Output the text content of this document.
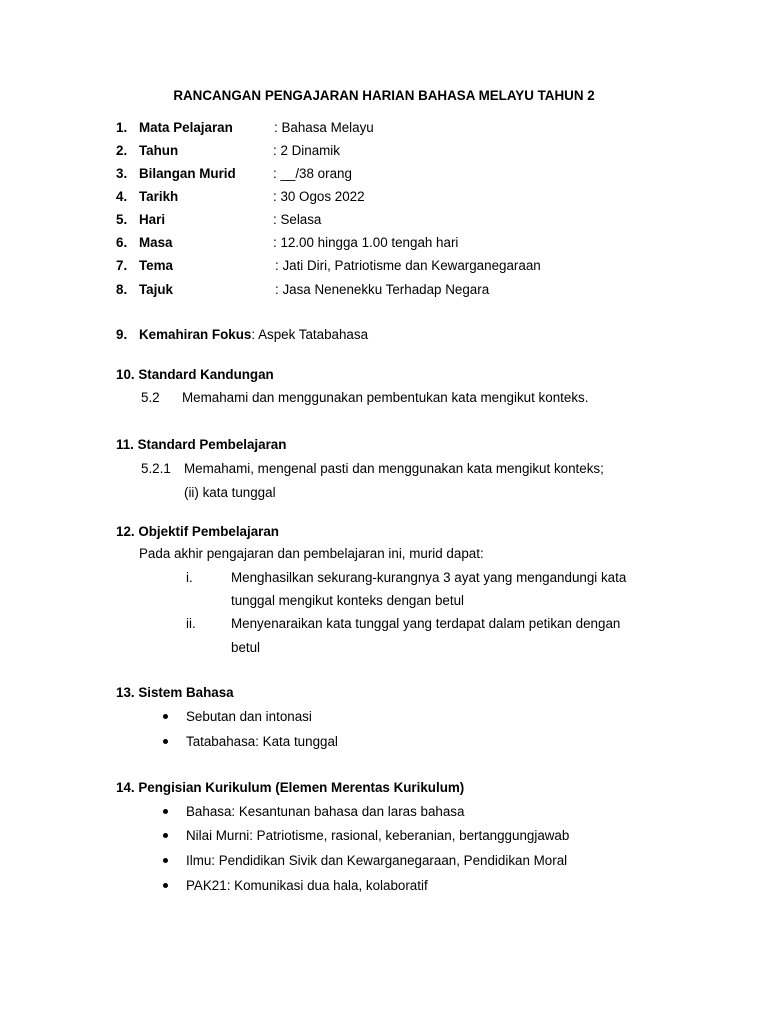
RANCANGAN PENGAJARAN HARIAN BAHASA MELAYU TAHUN 2
1. Mata Pelajaran	: Bahasa Melayu
2. Tahun	: 2 Dinamik
3. Bilangan Murid	: __/38 orang
4. Tarikh	: 30 Ogos 2022
5. Hari	: Selasa
6. Masa	: 12.00 hingga 1.00 tengah hari
7. Tema	: Jati Diri, Patriotisme dan Kewarganegaraan
8. Tajuk	: Jasa Nenenekku Terhadap Negara
9. Kemahiran Fokus: Aspek Tatabahasa
10. Standard Kandungan
5.2 Memahami dan menggunakan pembentukan kata mengikut konteks.
11. Standard Pembelajaran
5.2.1 Memahami, mengenal pasti dan menggunakan kata mengikut konteks;
(ii) kata tunggal
12. Objektif Pembelajaran
Pada akhir pengajaran dan pembelajaran ini, murid dapat:
i.	Menghasilkan sekurang-kurangnya 3 ayat yang mengandungi kata
tunggal mengikut konteks dengan betul
ii.	Menyenaraikan kata tunggal yang terdapat dalam petikan dengan
betul
13. Sistem Bahasa
Sebutan dan intonasi
Tatabahasa: Kata tunggal
14. Pengisian Kurikulum (Elemen Merentas Kurikulum)
Bahasa: Kesantunan bahasa dan laras bahasa
Nilai Murni: Patriotisme, rasional, keberanian, bertanggungjawab
Ilmu: Pendidikan Sivik dan Kewarganegaraan, Pendidikan Moral
PAK21: Komunikasi dua hala, kolaboratif
